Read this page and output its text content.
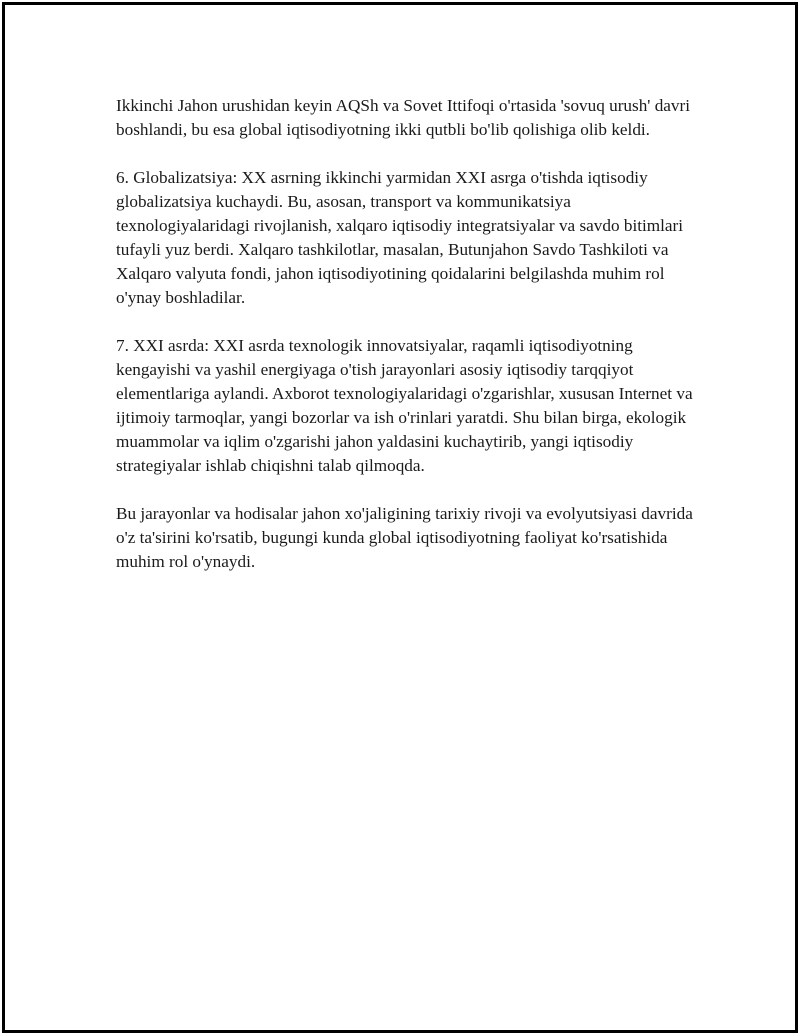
Ikkinchi Jahon urushidan keyin AQSh va Sovet Ittifoqi o'rtasida 'sovuq urush' davri boshlandi, bu esa global iqtisodiyotning ikki qutbli bo'lib qolishiga olib keldi.

6. Globalizatsiya: XX asrning ikkinchi yarmidan XXI asrga o'tishda iqtisodiy globalizatsiya kuchaydi. Bu, asosan, transport va kommunikatsiya texnologiyalaridagi rivojlanish, xalqaro iqtisodiy integratsiyalar va savdo bitimlari tufayli yuz berdi. Xalqaro tashkilotlar, masalan, Butunjahon Savdo Tashkiloti va Xalqaro valyuta fondi, jahon iqtisodiyotining qoidalarini belgilashda muhim rol o'ynay boshladilar.

7. XXI asrda: XXI asrda texnologik innovatsiyalar, raqamli iqtisodiyotning kengayishi va yashil energiyaga o'tish jarayonlari asosiy iqtisodiy tarqqiyot elementlariga aylandi. Axborot texnologiyalaridagi o'zgarishlar, xususan Internet va ijtimoiy tarmoqlar, yangi bozorlar va ish o'rinlari yaratdi. Shu bilan birga, ekologik muammolar va iqlim o'zgarishi jahon yaldasini kuchaytirib, yangi iqtisodiy strategiyalar ishlab chiqishni talab qilmoqda.

Bu jarayonlar va hodisalar jahon xo'jaligining tarixiy rivoji va evolyutsiyasi davrida o'z ta'sirini ko'rsatib, bugungi kunda global iqtisodiyotning faoliyat ko'rsatishida muhim rol o'ynaydi.
